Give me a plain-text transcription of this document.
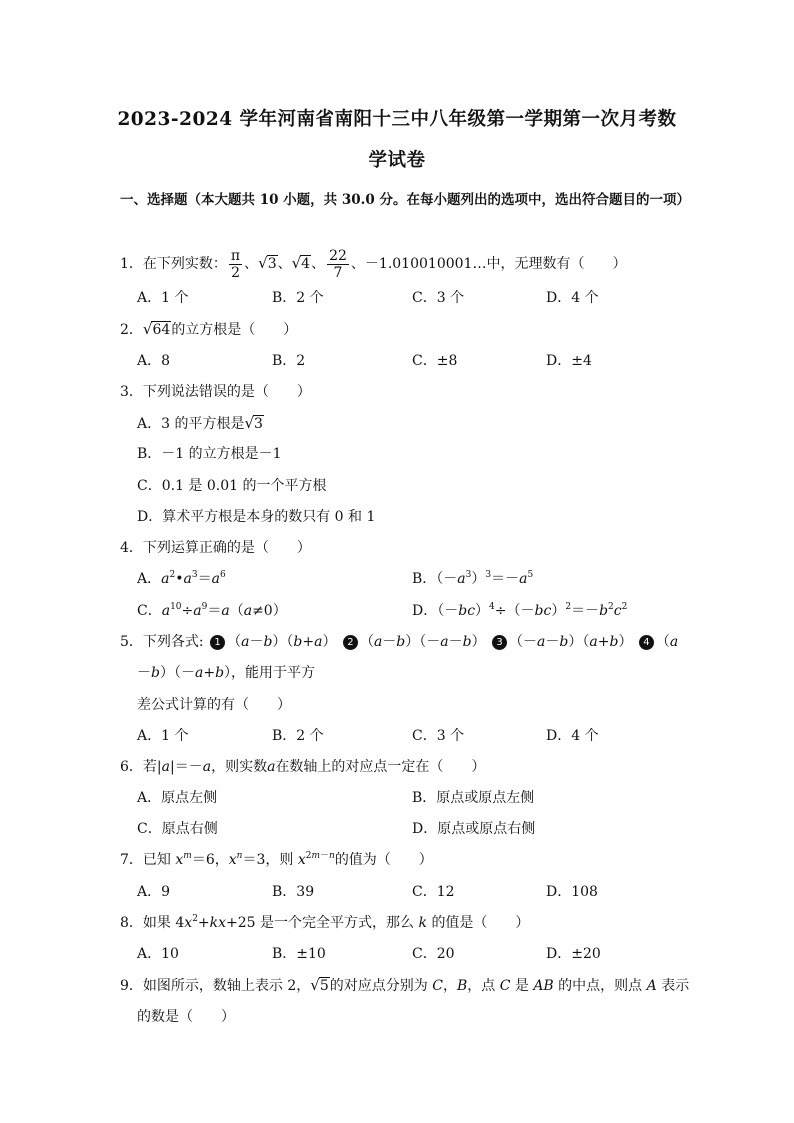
2023-2024 学年河南省南阳十三中八年级第一学期第一次月考数
学试卷
一、选择题（本大题共 10 小题，共 30.0 分。在每小题列出的选项中，选出符合题目的一项）
1．在下列实数： $\frac{\pi}{2}$ 、√3、√4、 $\frac{22}{7}$ 、－1.010010001…中，无理数有（　　）
A．1 个	B．2 个	C．3 个	D．4 个
2．√64的立方根是（　　）
A．8	B．2	C．±8	D．±4
3．下列说法错误的是（　　）
A．3 的平方根是√3
B．－1 的立方根是－1
C．0.1 是 0.01 的一个平方根
D．算术平方根是本身的数只有 0 和 1
4．下列运算正确的是（　　）
A．$a^2•a^3=a^6$	B．$(-a^3)^3=-a^5$
C．$a^{10}\div a^9=a(a\ne 0)$	D．$(-bc)^4\div(-bc)^2=-b^2c^2$
5．下列各式: 1 （a－b）（b+a） 2 （a－b）（－a－b） 3 （－a－b）（a+b） 4 （a
－b）（－a+b），能用于平方
差公式计算的有（　　）
A．1 个	B．2 个	C．3 个	D．4 个
6．若|a|＝－a，则实数a在数轴上的对应点一定在（　　）
A．原点左侧	B．原点或原点左侧
C．原点右侧	D．原点或原点右侧
7．已知 $x^m=6$，$x^n=3$，则 $x^{2m-n}$的值为（　　）
A．9	B．39	C．12	D．108
8．如果 $4x^2+kx+25$ 是一个完全平方式，那么 k 的值是（　　）
A．10	B．±10	C．20	D．±20
9．如图所示，数轴上表示 2，√5的对应点分别为 C，B，点 C 是 AB 的中点，则点 A 表示
的数是（　　）
